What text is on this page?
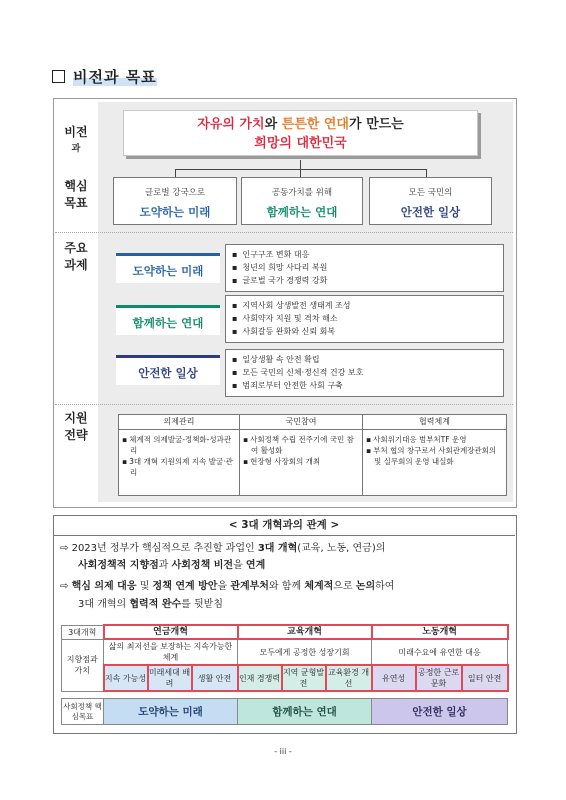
비전과 목표
비전
과
핵심
목표
주요
과제
지원
전략
자유의 가치와 튼튼한 연대가 만드는
희망의 대한민국
글로벌 강국으로
도약하는 미래
공동가치를 위해
함께하는 연대
모든 국민의
안전한 일상
도약하는 미래
▪ 인구구조 변화 대응
▪ 청년의 희망 사다리 복원
▪ 글로벌 국가 경쟁력 강화
함께하는 연대
▪ 지역사회 상생발전 생태계 조성
▪ 사회약자 지원 및 격차 해소
▪ 사회갈등 완화와 신뢰 회복
안전한 일상
▪ 일상생활 속 안전 확립
▪ 모든 국민의 신체·정신적 건강 보호
▪ 범죄로부터 안전한 사회 구축
의제관리
▪ 체계적 의제발굴-정책화-성과관리
▪ 3대 개혁 지원의제 지속 발굴·관리
국민참여
▪ 사회정책 수립 전주기에 국민 참여 활성화
▪ 현장형 사장회의 개최
협력체계
▪ 사회위기대응 범부처TF 운영
▪ 부처 협의 창구로서 사회관계장관회의 및 실무회의 운영 내실화
< 3대 개혁과의 관계 >
⇨ 2023년 정부가 핵심적으로 추진할 과업인 3대 개혁(교육, 노동, 연금)의
사회정책적 지향점과 사회정책 비전을 연계
⇨ 핵심 의제 대응 및 정책 연계 방안을 관계부처와 함께 체계적으로 논의하여
3대 개혁의 협력적 완수를 뒷받침
3대개혁	연금개혁			교육개혁			노동개혁		
지향점과 가치	삶의 최저선을 보장하는 지속가능한 체계			모두에게 공정한 성장기회			미래수요에 유연한 대응		
	지속 가능성	미래세대 배려	생활 안전	인재 경쟁력	지역 균형발전	교육환경 개선	유연성	공정한 근로문화	일터 안전
사회정책 핵심목표	도약하는 미래	함께하는 연대	안전한 일상
- iii -
